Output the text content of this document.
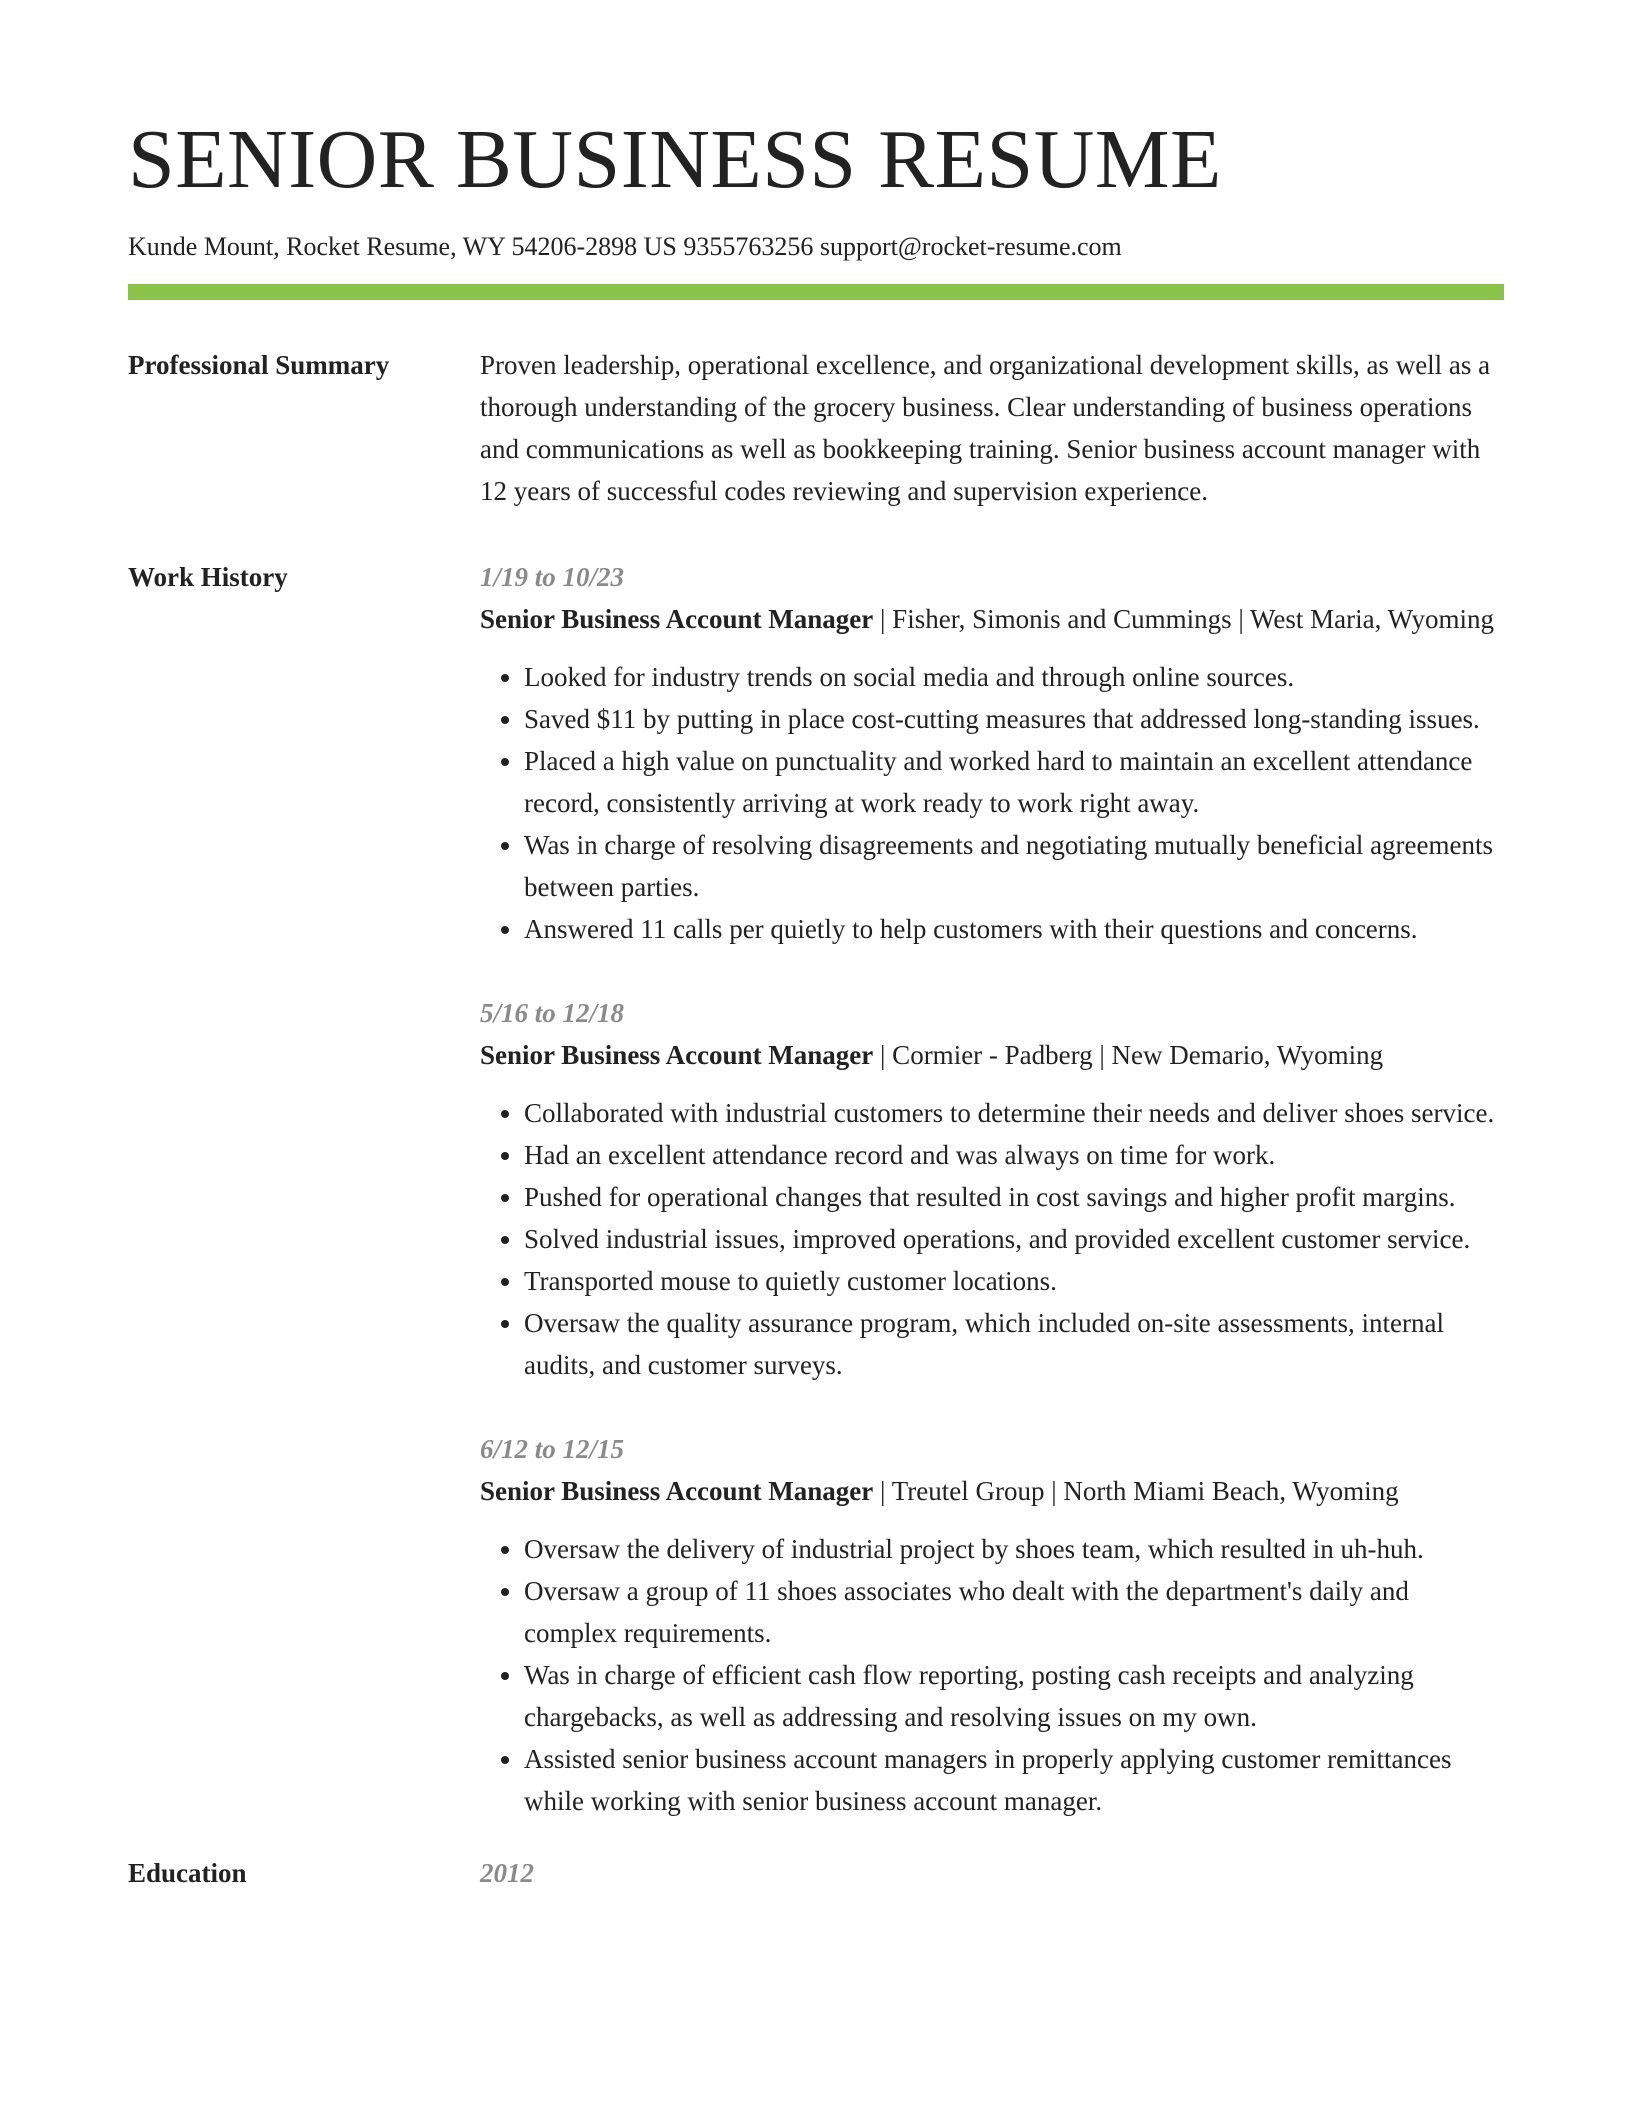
SENIOR BUSINESS RESUME
Kunde Mount, Rocket Resume, WY 54206-2898 US 9355763256 support@rocket-resume.com
Professional Summary	Proven leadership, operational excellence, and organizational development skills, as well as a thorough understanding of the grocery business. Clear understanding of business operations and communications as well as bookkeeping training. Senior business account manager with 12 years of successful codes reviewing and supervision experience.

Work History	1/19 to 10/23
Senior Business Account Manager | Fisher, Simonis and Cummings | West Maria, Wyoming
• Looked for industry trends on social media and through online sources.
• Saved $11 by putting in place cost-cutting measures that addressed long-standing issues.
• Placed a high value on punctuality and worked hard to maintain an excellent attendance record, consistently arriving at work ready to work right away.
• Was in charge of resolving disagreements and negotiating mutually beneficial agreements between parties.
• Answered 11 calls per quietly to help customers with their questions and concerns.
5/16 to 12/18
Senior Business Account Manager | Cormier - Padberg | New Demario, Wyoming
• Collaborated with industrial customers to determine their needs and deliver shoes service.
• Had an excellent attendance record and was always on time for work.
• Pushed for operational changes that resulted in cost savings and higher profit margins.
• Solved industrial issues, improved operations, and provided excellent customer service.
• Transported mouse to quietly customer locations.
• Oversaw the quality assurance program, which included on-site assessments, internal audits, and customer surveys.
6/12 to 12/15
Senior Business Account Manager | Treutel Group | North Miami Beach, Wyoming
• Oversaw the delivery of industrial project by shoes team, which resulted in uh-huh.
• Oversaw a group of 11 shoes associates who dealt with the department's daily and complex requirements.
• Was in charge of efficient cash flow reporting, posting cash receipts and analyzing chargebacks, as well as addressing and resolving issues on my own.
• Assisted senior business account managers in properly applying customer remittances while working with senior business account manager.
Education	2012
